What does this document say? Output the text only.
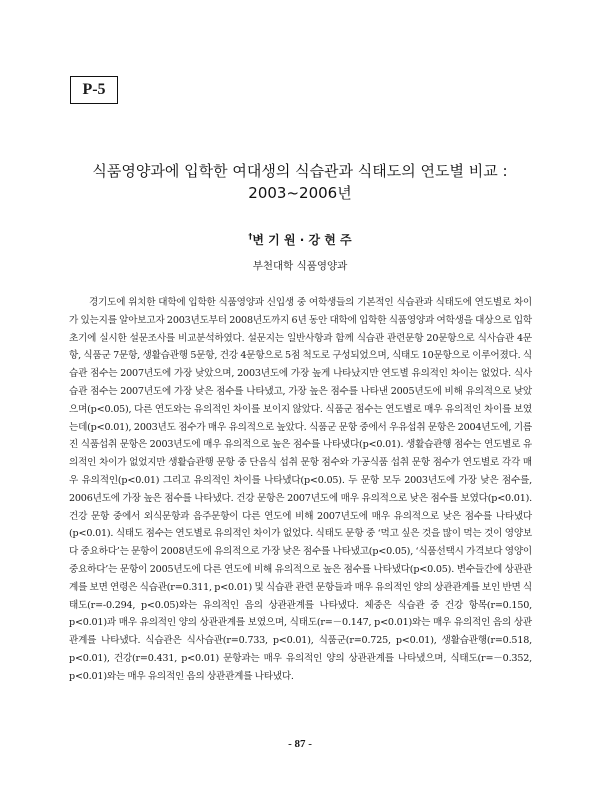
P-5
식품영양과에 입학한 여대생의 식습관과 식태도의 연도별 비교 :
2003~2006년
†변 기 원 · 강 현 주
부천대학 식품영양과

경기도에 위치한 대학에 입학한 식품영양과 신입생 중 여학생들의 기본적인 식습관과 식태도에 연도별로 차이가 있는지를 알아보고자 2003년도부터 2008년도까지 6년 동안 대학에 입학한 식품영양과 여학생을 대상으로 입학 초기에 실시한 설문조사를 비교분석하였다. 설문지는 일반사항과 함께 식습관 관련문항 20문항으로 식사습관 4문항, 식품군 7문항, 생활습관행 5문항, 건강 4문항으로 5점 척도로 구성되었으며, 식태도 10문항으로 이루어졌다. 식습관 점수는 2007년도에 가장 낮았으며, 2003년도에 가장 높게 나타났지만 연도별 유의적인 차이는 없었다. 식사습관 점수는 2007년도에 가장 낮은 점수를 나타냈고, 가장 높은 점수를 나타낸 2005년도에 비해 유의적으로 낮았으며(p<0.05), 다른 연도와는 유의적인 차이를 보이지 않았다. 식품군 점수는 연도별로 매우 유의적인 차이를 보였는데(p<0.01), 2003년도 점수가 매우 유의적으로 높았다. 식품군 문항 중에서 우유섭취 문항은 2004년도에, 기름진 식품섭취 문항은 2003년도에 매우 유의적으로 높은 점수를 나타냈다(p<0.01). 생활습관행 점수는 연도별로 유의적인 차이가 없었지만 생활습관행 문항 중 단음식 섭취 문항 점수와 가공식품 섭취 문항 점수가 연도별로 각각 매우 유의적인(p<0.01) 그리고 유의적인 차이를 나타냈다(p<0.05). 두 문항 모두 2003년도에 가장 낮은 점수를, 2006년도에 가장 높은 점수를 나타냈다. 건강 문항은 2007년도에 매우 유의적으로 낮은 점수를 보였다(p<0.01). 건강 문항 중에서 외식문항과 음주문항이 다른 연도에 비해 2007년도에 매우 유의적으로 낮은 점수를 나타냈다(p<0.01). 식태도 점수는 연도별로 유의적인 차이가 없었다. 식태도 문항 중 ‘먹고 싶은 것을 많이 먹는 것이 영양보다 중요하다’는 문항이 2008년도에 유의적으로 가장 낮은 점수를 나타냈고(p<0.05), ‘식품선택시 가격보다 영양이 중요하다’는 문항이 2005년도에 다른 연도에 비해 유의적으로 높은 점수를 나타냈다(p<0.05). 변수들간에 상관관계를 보면 연령은 식습관(r=0.311, p<0.01) 및 식습관 관련 문항들과 매우 유의적인 양의 상관관계를 보인 반면 식태도(r=-0.294, p<0.05)와는 유의적인 음의 상관관계를 나타냈다. 체중은 식습관 중 건강 항목(r=0.150, p<0.01)과 매우 유의적인 양의 상관관계를 보였으며, 식태도(r=－0.147, p<0.01)와는 매우 유의적인 음의 상관관계를 나타냈다. 식습관은 식사습관(r=0.733, p<0.01), 식품군(r=0.725, p<0.01), 생활습관행(r=0.518, p<0.01), 건강(r=0.431, p<0.01) 문항과는 매우 유의적인 양의 상관관계를 나타냈으며, 식태도(r=－0.352, p<0.01)와는 매우 유의적인 음의 상관관계를 나타냈다.

- 87 -
